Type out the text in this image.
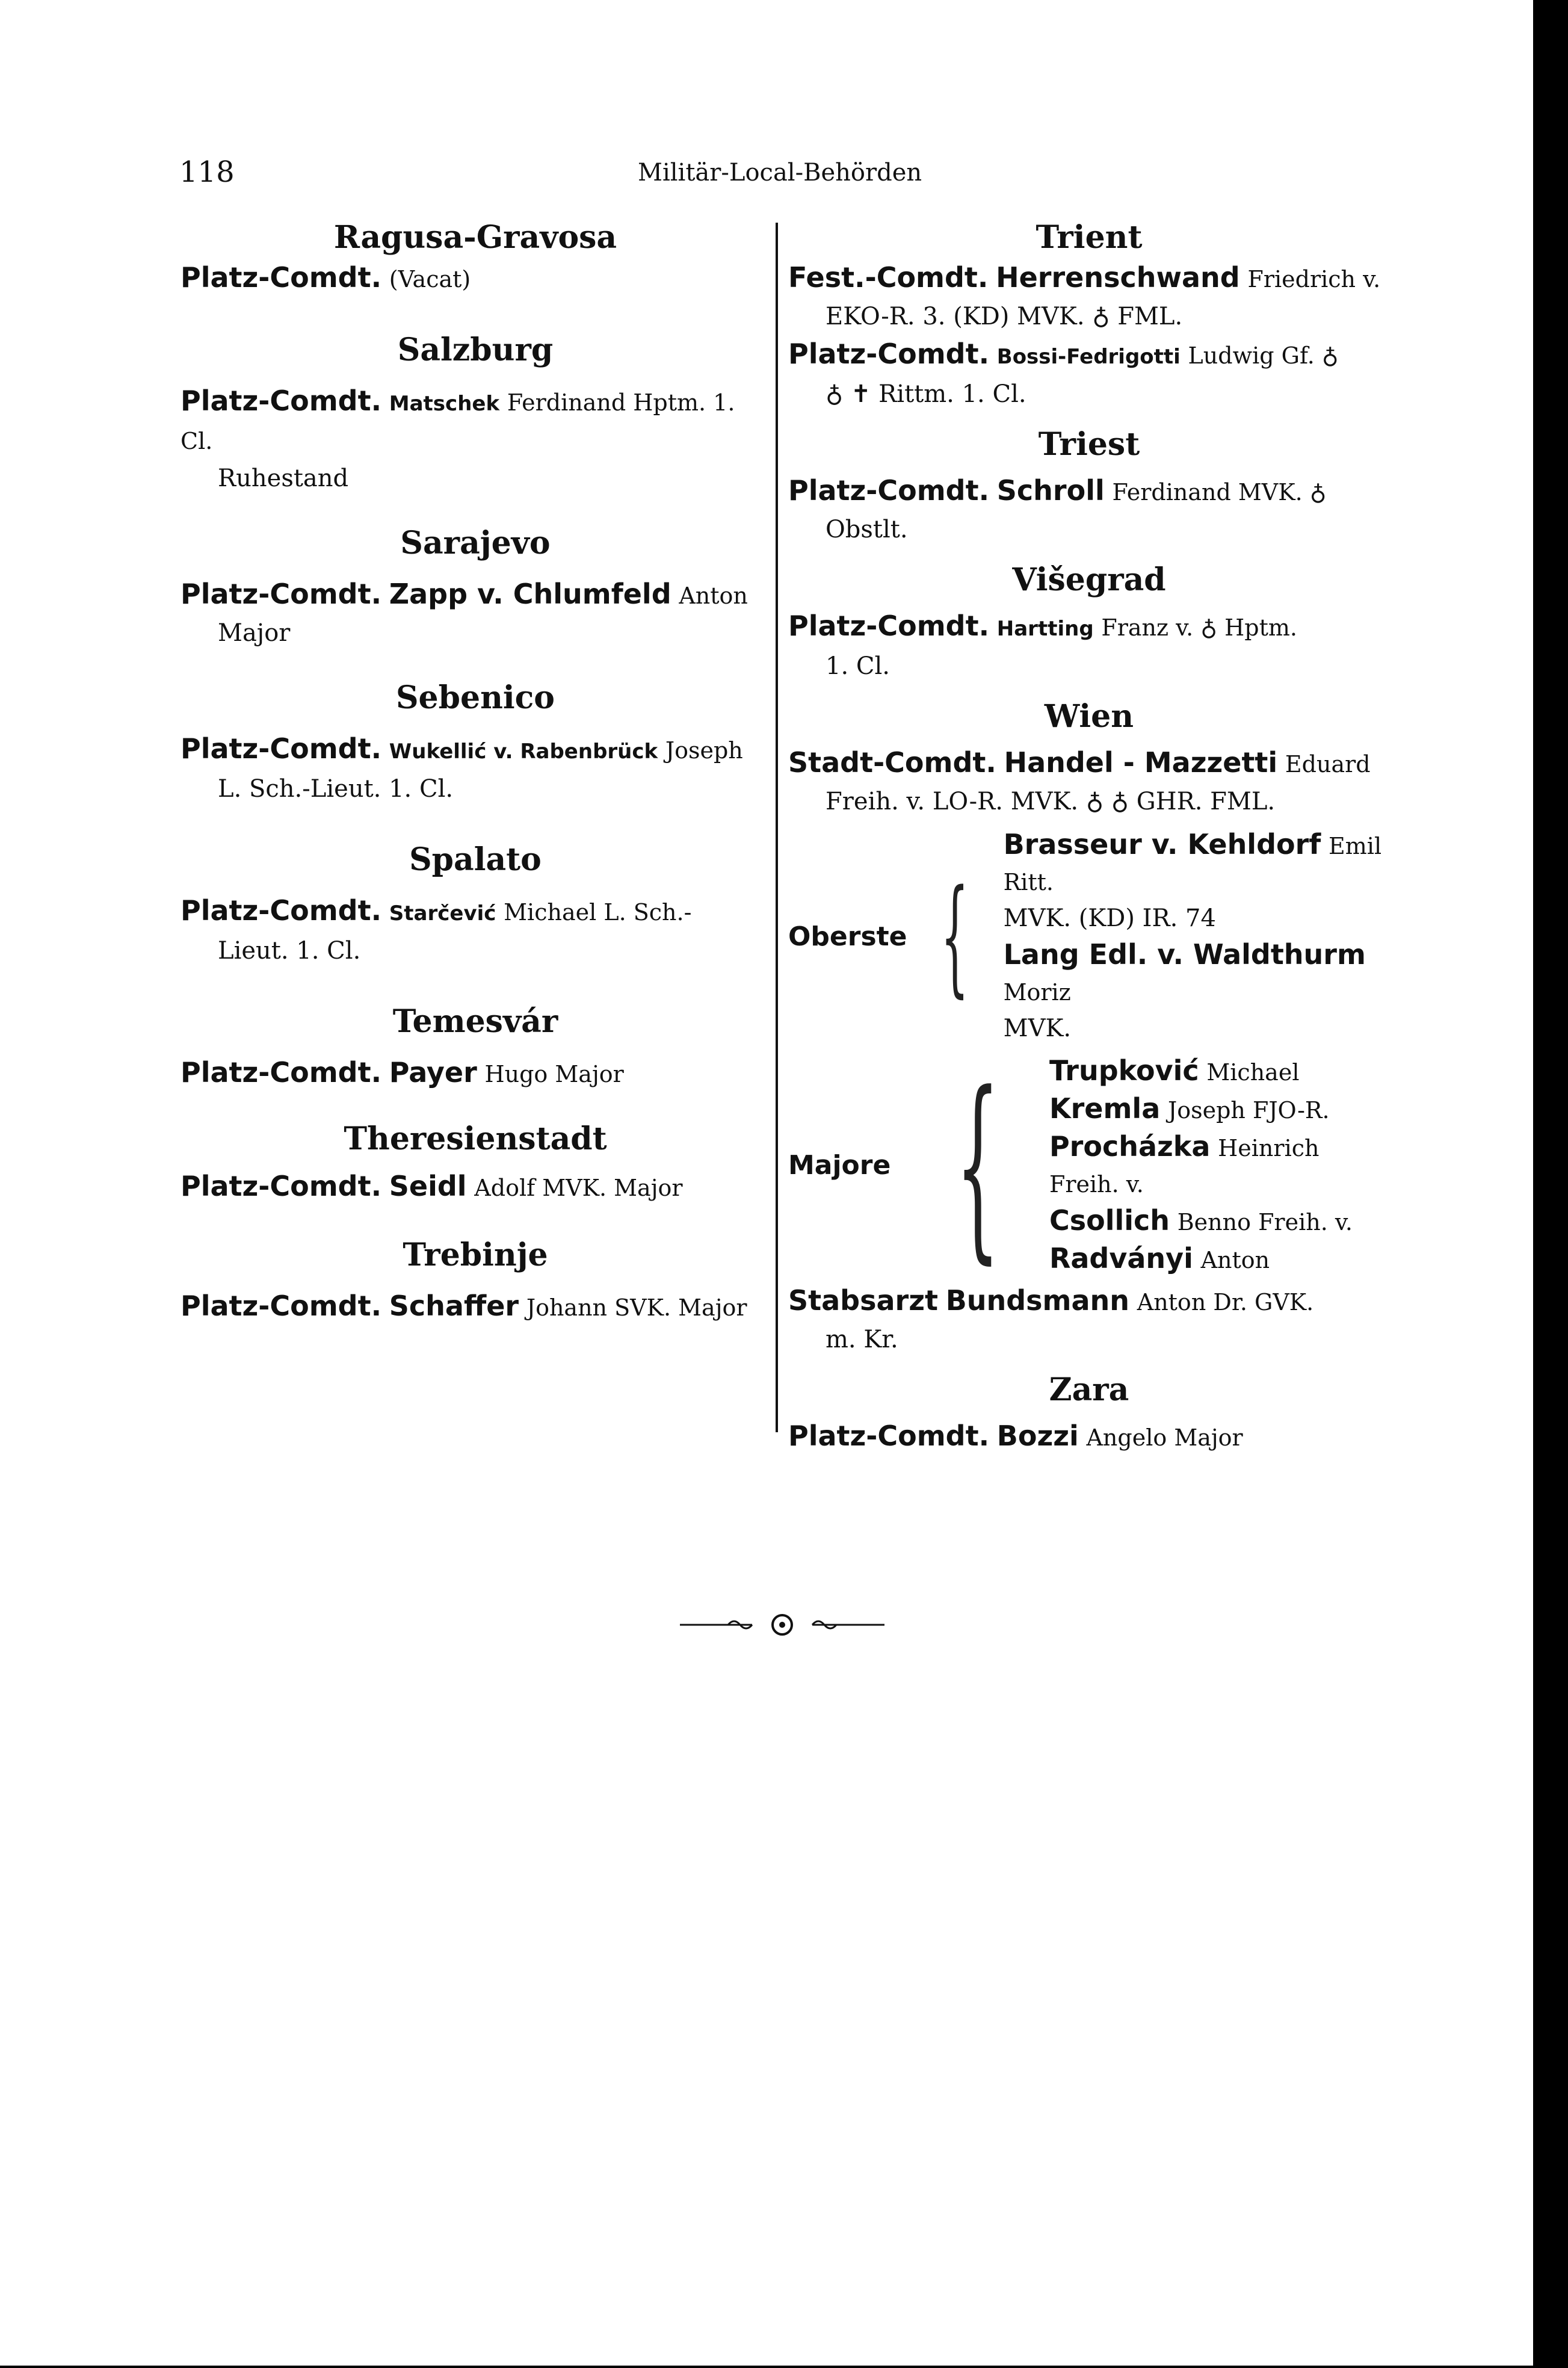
118	Militär-Local-Behörden
Ragusa-Gravosa
Platz-Comdt. (Vacat)
Salzburg
Platz-Comdt. Matschek Ferdinand Hptm. 1. Cl.
Ruhestand
Sarajevo
Platz-Comdt. Zapp v. Chlumfeld Anton
Major
Sebenico
Platz-Comdt. Wukellić v. Rabenbrück Joseph
L. Sch.-Lieut. 1. Cl.
Spalato
Platz-Comdt. Starčević Michael L. Sch.-
Lieut. 1. Cl.
Temesvár
Platz-Comdt. Payer Hugo Major
Theresienstadt
Platz-Comdt. Seidl Adolf MVK. Major
Trebinje
Platz-Comdt. Schaffer Johann SVK. Major
Trient
Fest.-Comdt. Herrenschwand Friedrich v.
EKO-R. 3. (KD) MVK. ♁ FML.
Platz-Comdt. Bossi-Fedrigotti Ludwig Gf. ♁
♁ ✝ Rittm. 1. Cl.
Triest
Platz-Comdt. Schroll Ferdinand MVK. ♁
Obstlt.
Višegrad
Platz-Comdt. Hartting Franz v. ♁ Hptm.
1. Cl.
Wien
Stadt-Comdt. Handel - Mazzetti Eduard
Freih. v. LO-R. MVK. ♁ ♁ GHR. FML.
Oberste {
Brasseur v. Kehldorf Emil Ritt.
MVK. (KD) IR. 74
Lang Edl. v. Waldthurm Moriz
MVK.
Majore { Trupković Michael
Kremla Joseph FJO-R.
Procházka Heinrich Freih. v.
Csollich Benno Freih. v.
Radványi Anton
Stabsarzt Bundsmann Anton Dr. GVK.
m. Kr.
Zara
Platz-Comdt. Bozzi Angelo Major
